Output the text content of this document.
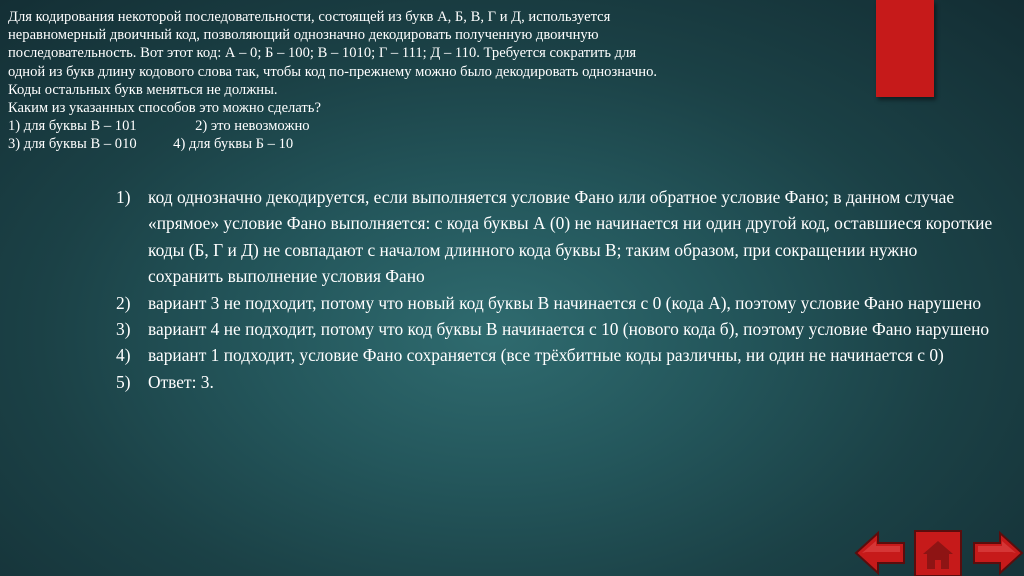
Для кодирования некоторой последовательности, состоящей из букв А, Б, В, Г и Д, используется
неравномерный двоичный код, позволяющий однозначно декодировать полученную двоичную
последовательность. Вот этот код: А – 0; Б – 100; В – 1010; Г – 111; Д – 110. Требуется сократить для
одной из букв длину кодового слова так, чтобы код по-прежнему можно было декодировать однозначно.
Коды остальных букв меняться не должны.
Каким из указанных способов это можно сделать?
1) для буквы В – 101                2) это невозможно
3) для буквы В – 010          4) для буквы Б – 10
1)	код однозначно декодируется, если выполняется условие Фано или обратное условие Фано; в данном случае «прямое» условие Фано выполняется: с кода буквы А (0) не начинается ни один другой код, оставшиеся короткие коды (Б, Г и Д) не совпадают с началом длинного кода буквы В; таким образом, при сокращении нужно сохранить выполнение условия Фано
2)	вариант 3 не подходит, потому что новый код буквы В начинается с 0 (кода А), поэтому условие Фано нарушено
3)	вариант 4 не подходит, потому что код буквы В начинается с 10 (нового кода б), поэтому условие Фано нарушено
4)	вариант 1 подходит, условие Фано сохраняется (все трёхбитные коды различны, ни один не начинается с 0)
5)	Ответ: 3.
